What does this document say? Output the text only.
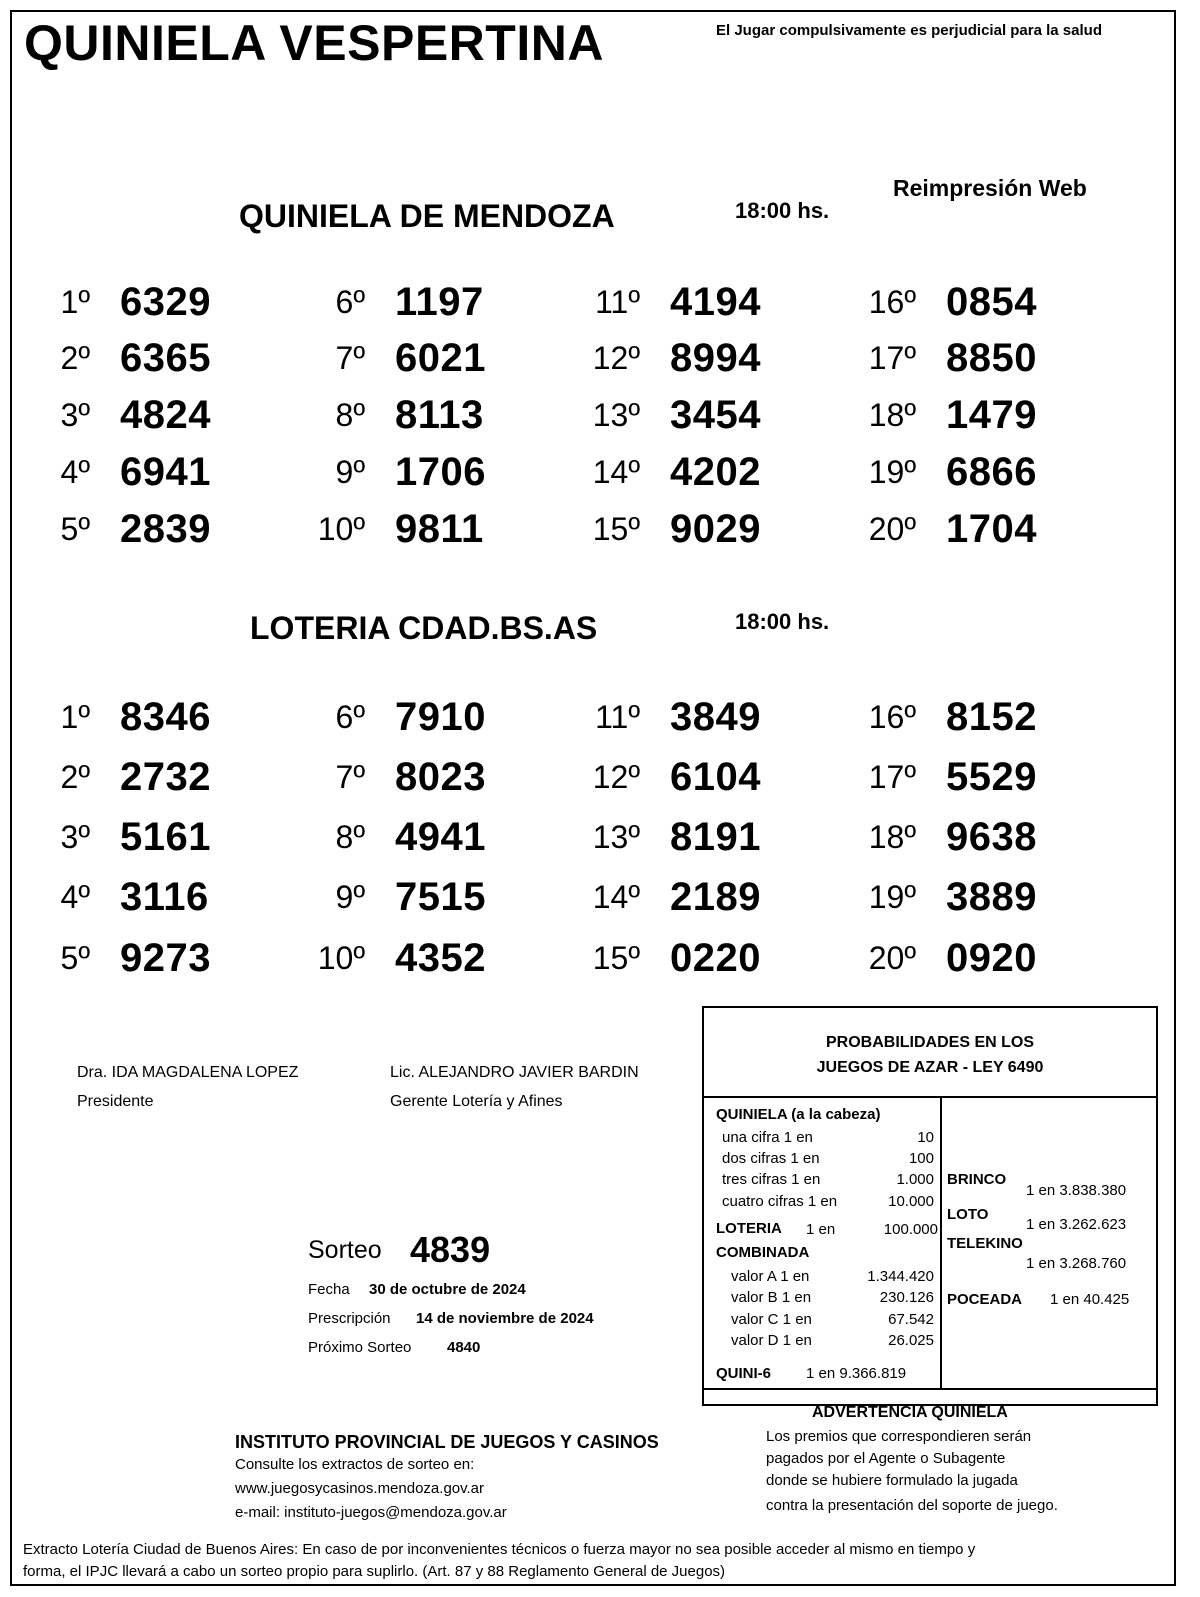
QUINIELA VESPERTINA	El Jugar compulsivamente es perjudicial para la salud
Reimpresión Web
QUINIELA DE MENDOZA	18:00 hs.
1º 6329
2º 6365
3º 4824
4º 6941
5º 2839
6º 1197
7º 6021
8º 8113
9º 1706
10º 9811
11º 4194
12º 8994
13º 3454
14º 4202
15º 9029
16º 0854
17º 8850
18º 1479
19º 6866
20º 1704
LOTERIA CDAD.BS.AS	18:00 hs.
1º 8346
2º 2732
3º 5161
4º 3116
5º 9273
6º 7910
7º 8023
8º 4941
9º 7515
10º 4352
11º 3849
12º 6104
13º 8191
14º 2189
15º 0220
16º 8152
17º 5529
18º 9638
19º 3889
20º 0920
Dra. IDA MAGDALENA LOPEZ
Presidente
Lic. ALEJANDRO JAVIER BARDIN
Gerente Lotería y Afines
Sorteo 4839
Fecha 30 de octubre de 2024
Prescripción 14 de noviembre de 2024
Próximo Sorteo 4840
PROBABILIDADES EN LOS
JUEGOS DE AZAR - LEY 6490
QUINIELA (a la cabeza)
una cifra 1 en	10
dos cifras 1 en	100
tres cifras 1 en	1.000
cuatro cifras 1 en	10.000
LOTERIA 1 en	100.000
COMBINADA
valor A 1 en	1.344.420
valor B 1 en	230.126
valor C 1 en	67.542
valor D 1 en	26.025
QUINI-6 1 en 9.366.819
BRINCO
1 en 3.838.380
LOTO
1 en 3.262.623
TELEKINO
1 en 3.268.760
POCEADA 1 en 40.425
ADVERTENCIA QUINIELA
Los premios que correspondieren serán
pagados por el Agente o Subagente
donde se hubiere formulado la jugada
contra la presentación del soporte de juego.
INSTITUTO PROVINCIAL DE JUEGOS Y CASINOS
Consulte los extractos de sorteo en:
www.juegosycasinos.mendoza.gov.ar
e-mail: instituto-juegos@mendoza.gov.ar
Extracto Lotería Ciudad de Buenos Aires: En caso de por inconvenientes técnicos o fuerza mayor no sea posible acceder al mismo en tiempo y
forma, el IPJC llevará a cabo un sorteo propio para suplirlo. (Art. 87 y 88 Reglamento General de Juegos)
